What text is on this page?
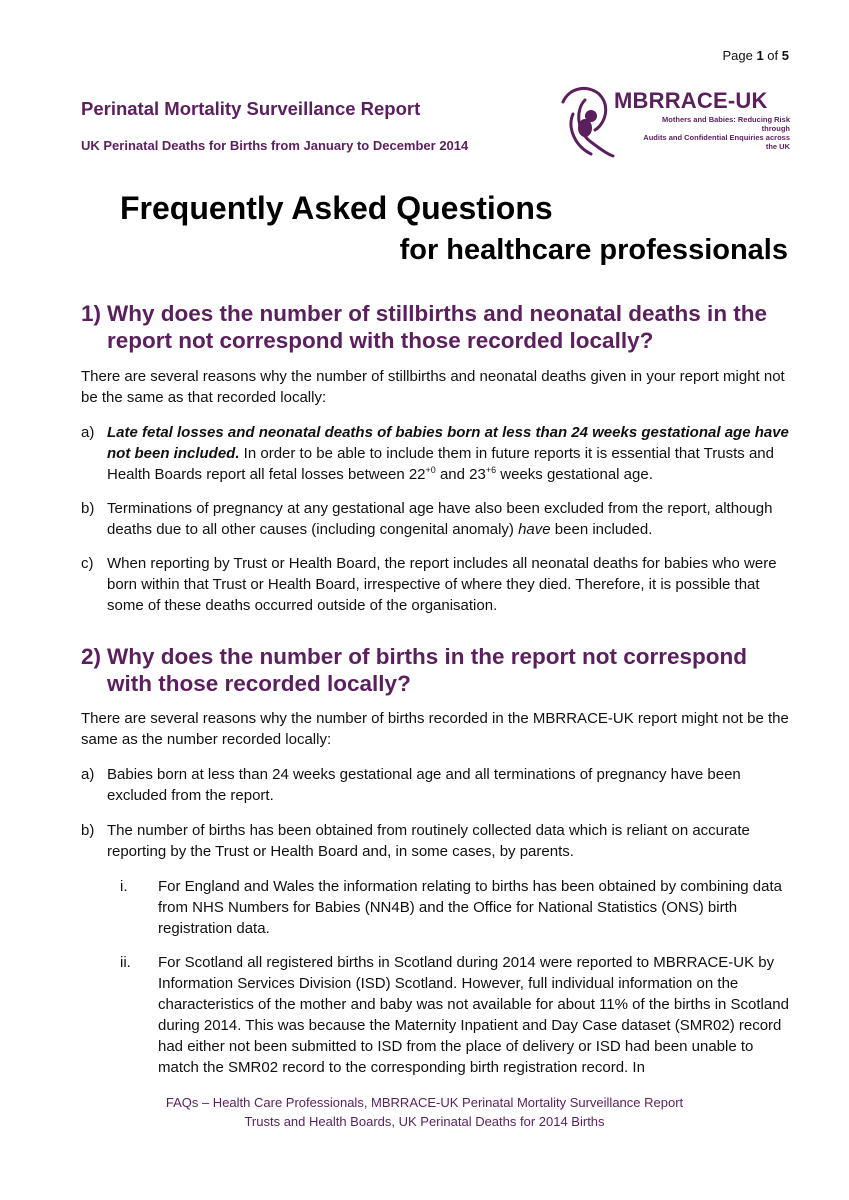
Page 1 of 5
Perinatal Mortality Surveillance Report
UK Perinatal Deaths for Births from January to December 2014
MBRRACE-UK
Mothers and Babies: Reducing Risk through
Audits and Confidential Enquiries across the UK
Frequently Asked Questions
for healthcare professionals
1) Why does the number of stillbirths and neonatal deaths in the
report not correspond with those recorded locally?
There are several reasons why the number of stillbirths and neonatal deaths given in your report might not be the same as that recorded locally:
a) Late fetal losses and neonatal deaths of babies born at less than 24 weeks gestational age have not been included. In order to be able to include them in future reports it is essential that Trusts and Health Boards report all fetal losses between $22^{+0}$ and $23^{+6}$ weeks gestational age.
b) Terminations of pregnancy at any gestational age have also been excluded from the report, although deaths due to all other causes (including congenital anomaly) have been included.
c) When reporting by Trust or Health Board, the report includes all neonatal deaths for babies who were born within that Trust or Health Board, irrespective of where they died. Therefore, it is possible that some of these deaths occurred outside of the organisation.
2) Why does the number of births in the report not correspond
with those recorded locally?
There are several reasons why the number of births recorded in the MBRRACE-UK report might not be the same as the number recorded locally:
a) Babies born at less than 24 weeks gestational age and all terminations of pregnancy have been excluded from the report.
b) The number of births has been obtained from routinely collected data which is reliant on accurate reporting by the Trust or Health Board and, in some cases, by parents.
i. For England and Wales the information relating to births has been obtained by combining data from NHS Numbers for Babies (NN4B) and the Office for National Statistics (ONS) birth registration data.
ii. For Scotland all registered births in Scotland during 2014 were reported to MBRRACE-UK by Information Services Division (ISD) Scotland. However, full individual information on the characteristics of the mother and baby was not available for about 11% of the births in Scotland during 2014. This was because the Maternity Inpatient and Day Case dataset (SMR02) record had either not been submitted to ISD from the place of delivery or ISD had been unable to match the SMR02 record to the corresponding birth registration record. In
FAQs – Health Care Professionals, MBRRACE-UK Perinatal Mortality Surveillance Report
Trusts and Health Boards, UK Perinatal Deaths for 2014 Births
